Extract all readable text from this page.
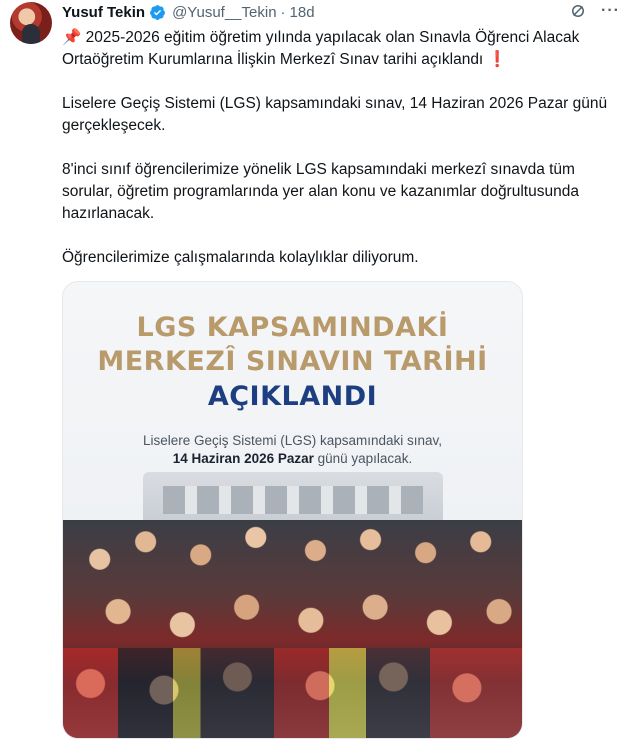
Yusuf Tekin @Yusuf__Tekin · 18d	···

📌 2025-2026 eğitim öğretim yılında yapılacak olan Sınavla Öğrenci Alacak Ortaöğretim Kurumlarına İlişkin Merkezî Sınav tarihi açıklandı ❗

Liselere Geçiş Sistemi (LGS) kapsamındaki sınav, 14 Haziran 2026 Pazar günü gerçekleşecek.

8'inci sınıf öğrencilerimize yönelik LGS kapsamındaki merkezî sınavda tüm sorular, öğretim programlarında yer alan konu ve kazanımlar doğrultusunda hazırlanacak.

Öğrencilerimize çalışmalarında kolaylıklar diliyorum.

LGS KAPSAMINDAKİ
MERKEZÎ SINAVIN TARİHİ
AÇIKLANDI
Liselere Geçiş Sistemi (LGS) kapsamındaki sınav,
14 Haziran 2026 Pazar günü yapılacak.
